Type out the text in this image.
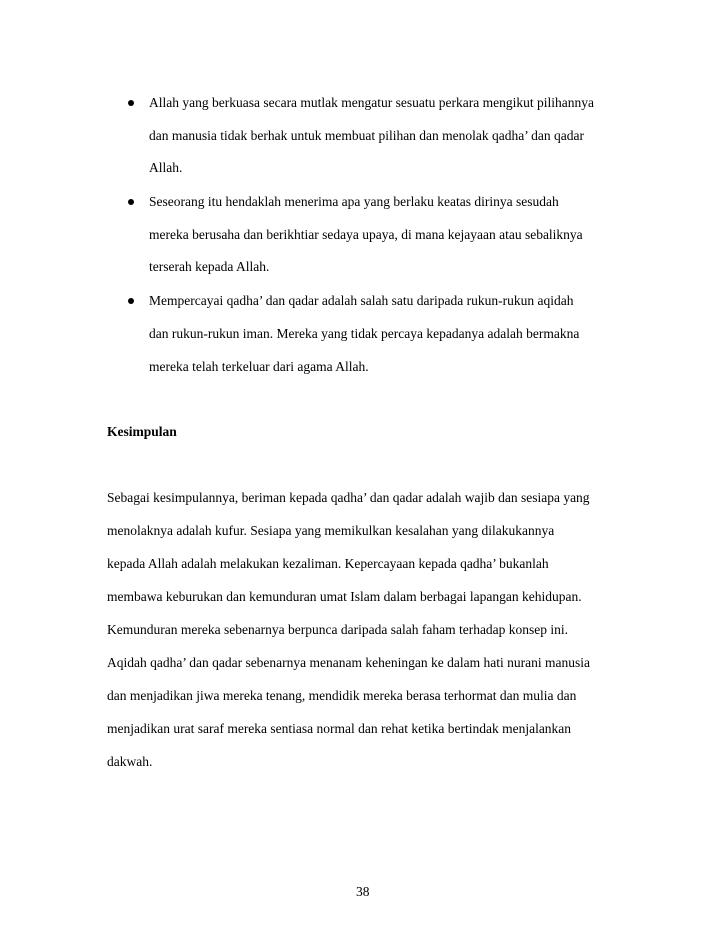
Allah yang berkuasa secara mutlak mengatur sesuatu perkara mengikut pilihannya
dan manusia tidak berhak untuk membuat pilihan dan menolak qadha’ dan qadar
Allah.
Seseorang itu hendaklah menerima apa yang berlaku keatas dirinya sesudah
mereka berusaha dan berikhtiar sedaya upaya, di mana kejayaan atau sebaliknya
terserah kepada Allah.
Mempercayai qadha’ dan qadar adalah salah satu daripada rukun-rukun aqidah
dan rukun-rukun iman. Mereka yang tidak percaya kepadanya adalah bermakna
mereka telah terkeluar dari agama Allah.
Kesimpulan
Sebagai kesimpulannya, beriman kepada qadha’ dan qadar adalah wajib dan sesiapa yang
menolaknya adalah kufur. Sesiapa yang memikulkan kesalahan yang dilakukannya
kepada Allah adalah melakukan kezaliman. Kepercayaan kepada qadha’ bukanlah
membawa keburukan dan kemunduran umat Islam dalam berbagai lapangan kehidupan.
Kemunduran mereka sebenarnya berpunca daripada salah faham terhadap konsep ini.
Aqidah qadha’ dan qadar sebenarnya menanam keheningan ke dalam hati nurani manusia
dan menjadikan jiwa mereka tenang, mendidik mereka berasa terhormat dan mulia dan
menjadikan urat saraf mereka sentiasa normal dan rehat ketika bertindak menjalankan
dakwah.
38
